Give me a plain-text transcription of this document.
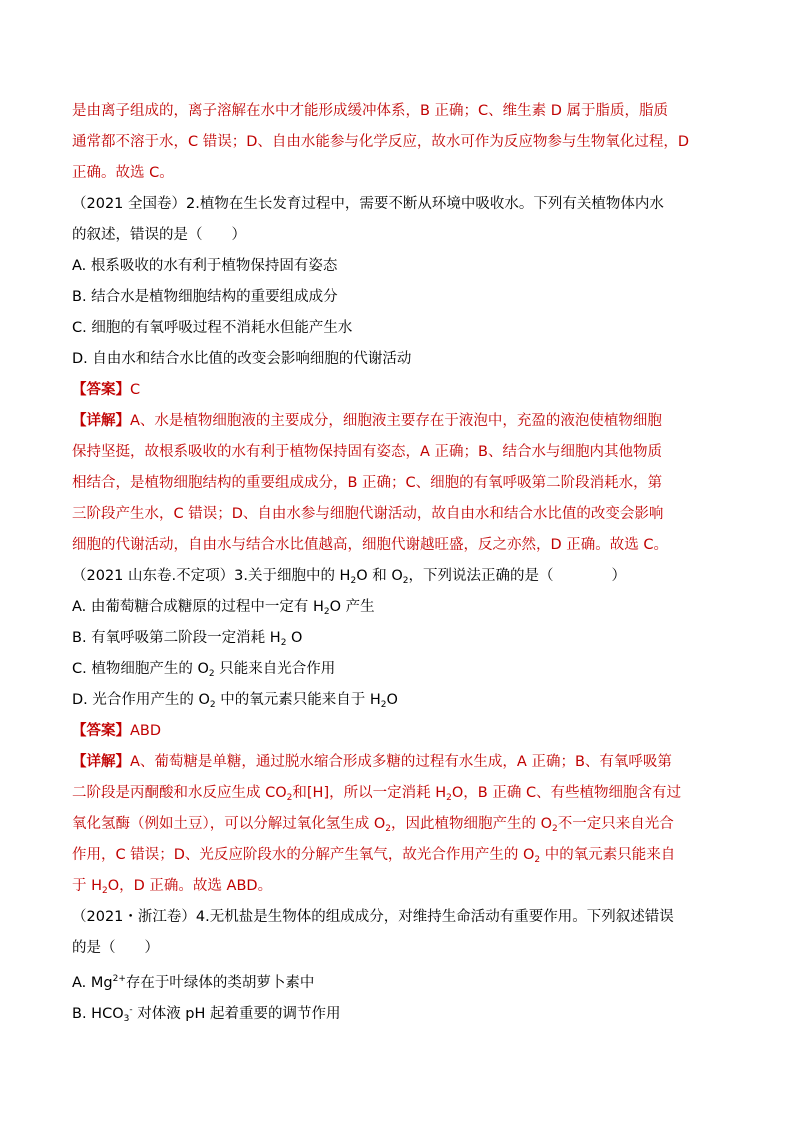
是由离子组成的，离子溶解在水中才能形成缓冲体系，B 正确；C、维生素 D 属于脂质，脂质
通常都不溶于水，C 错误；D、自由水能参与化学反应，故水可作为反应物参与生物氧化过程，D
正确。故选 C。
（2021 全国卷）2.植物在生长发育过程中，需要不断从环境中吸收水。下列有关植物体内水
的叙述，错误的是（　　）
A. 根系吸收的水有利于植物保持固有姿态
B. 结合水是植物细胞结构的重要组成成分
C. 细胞的有氧呼吸过程不消耗水但能产生水
D. 自由水和结合水比值的改变会影响细胞的代谢活动
【答案】C
【详解】A、水是植物细胞液的主要成分，细胞液主要存在于液泡中，充盈的液泡使植物细胞
保持坚挺，故根系吸收的水有利于植物保持固有姿态，A 正确；B、结合水与细胞内其他物质
相结合，是植物细胞结构的重要组成成分，B 正确；C、细胞的有氧呼吸第二阶段消耗水，第
三阶段产生水，C 错误；D、自由水参与细胞代谢活动，故自由水和结合水比值的改变会影响
细胞的代谢活动，自由水与结合水比值越高，细胞代谢越旺盛，反之亦然，D 正确。故选 C。
（2021 山东卷.不定项）3.关于细胞中的 $H_2O$ 和 $O_2$，下列说法正确的是（　　　　）
A. 由葡萄糖合成糖原的过程中一定有 $H_2O$ 产生
B. 有氧呼吸第二阶段一定消耗 $H_2$ O
C. 植物细胞产生的 $O_2$ 只能来自光合作用
D. 光合作用产生的 $O_2$ 中的氧元素只能来自于 $H_2O$
【答案】ABD
【详解】A、葡萄糖是单糖，通过脱水缩合形成多糖的过程有水生成，A 正确；B、有氧呼吸第
二阶段是丙酮酸和水反应生成 $CO_2$和[H]，所以一定消耗 $H_2O$，B 正确 C、有些植物细胞含有过
氧化氢酶（例如土豆），可以分解过氧化氢生成 $O_2$，因此植物细胞产生的 $O_2$不一定只来自光合
作用，C 错误；D、光反应阶段水的分解产生氧气，故光合作用产生的 $O_2$ 中的氧元素只能来自
于 $H_2O$，D 正确。故选 ABD。
（2021・浙江卷）4.无机盐是生物体的组成成分，对维持生命活动有重要作用。下列叙述错误
的是（　　）
A. $Mg^{2+}$存在于叶绿体的类胡萝卜素中
B. $HCO_3^-$ 对体液 pH 起着重要的调节作用
